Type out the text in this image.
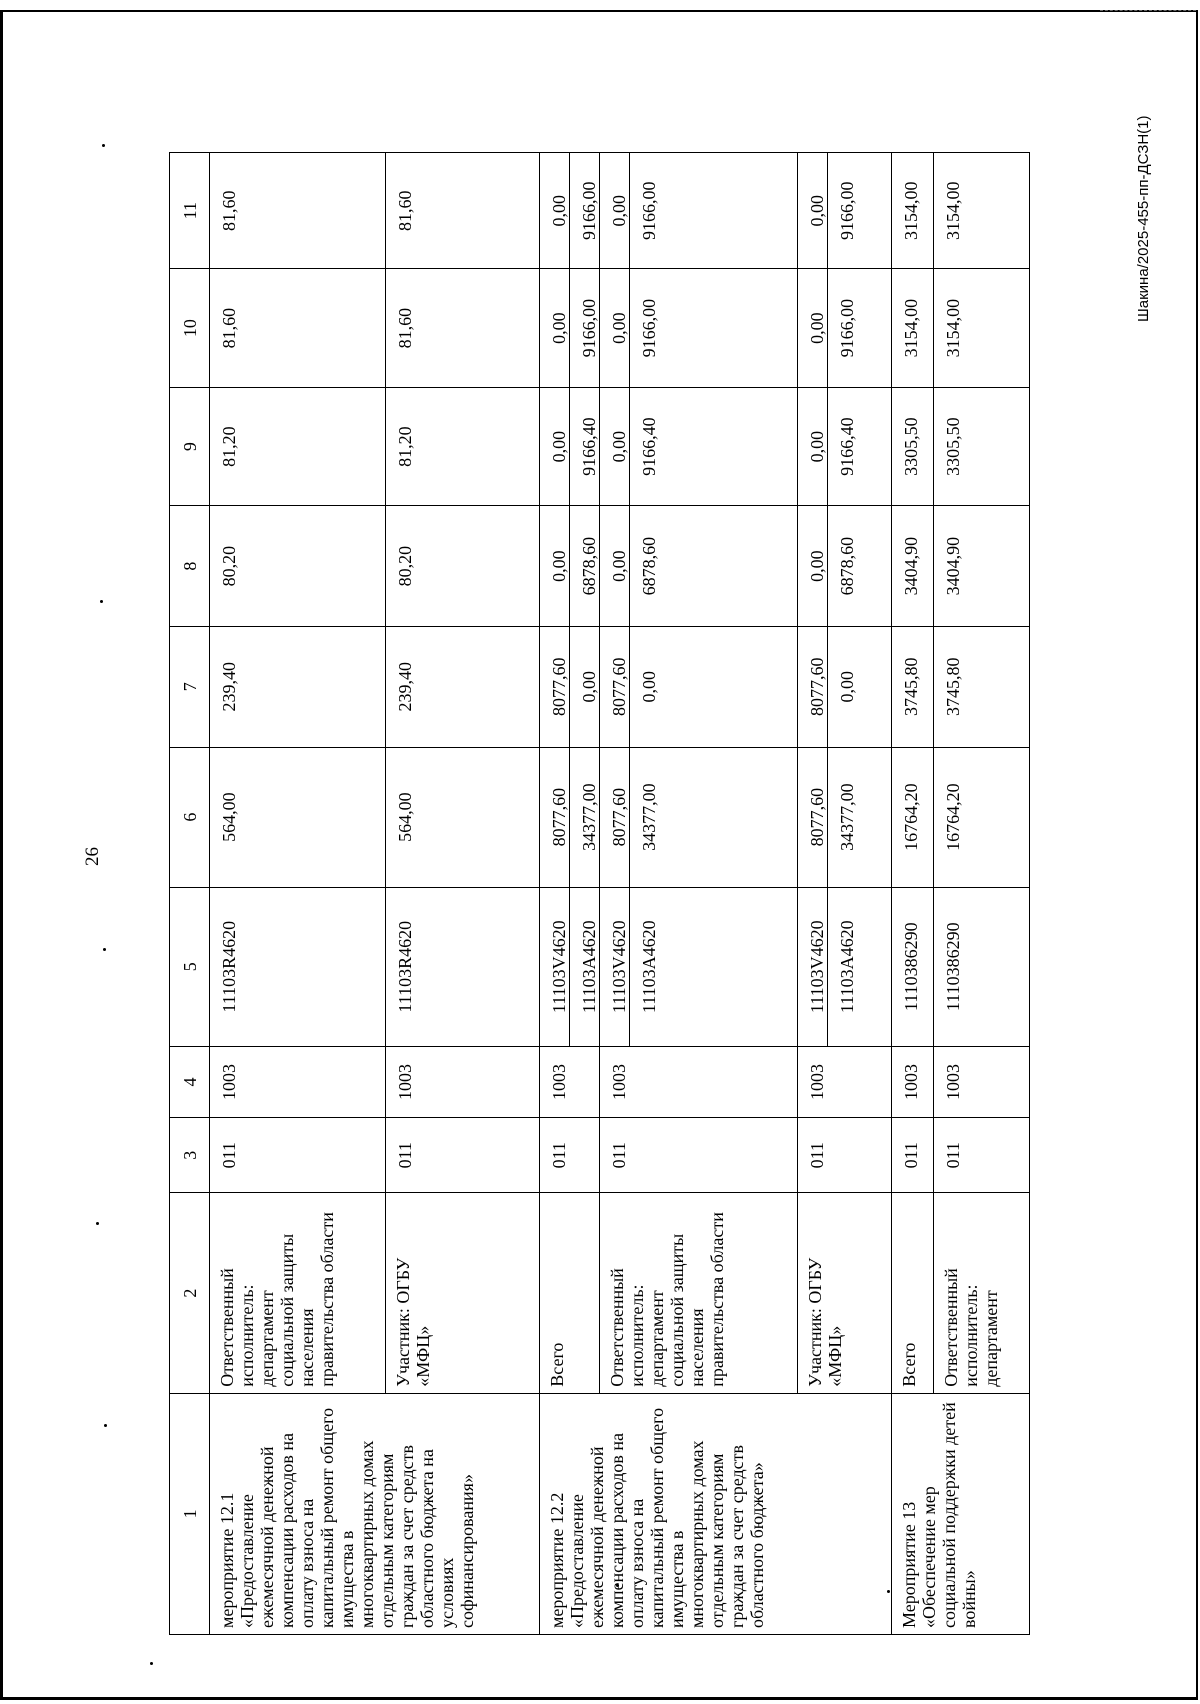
26
Шакина/2025-455-пп-ДСЗН(1)
1	2	3	4	5	6	7	8	9	10	11
мероприятие 12.1 «Предоставление ежемесячной денежной компенсации расходов на оплату взноса на капитальный ремонт общего имущества в многоквартирных домах отдельным категориям граждан за счет средств областного бюджета на условиях софинансирования»	Ответственный исполнитель: департамент социальной защиты населения правительства области	011	1003	11103R4620	564,00	239,40	80,20	81,20	81,60	81,60
	Участник: ОГБУ «МФЦ»	011	1003	11103R4620	564,00	239,40	80,20	81,20	81,60	81,60
мероприятие 12.2 «Предоставление ежемесячной денежной компенсации расходов на оплату взноса на капитальный ремонт общего имущества в многоквартирных домах отдельным категориям граждан за счет средств областного бюджета»	Всего	011	1003	11103V4620	8077,60	8077,60	0,00	0,00	0,00	0,00
				11103A4620	34377,00	0,00	6878,60	9166,40	9166,00	9166,00
	Ответственный исполнитель: департамент социальной защиты населения правительства области	011	1003	11103V4620	8077,60	8077,60	0,00	0,00	0,00	0,00
				11103A4620	34377,00	0,00	6878,60	9166,40	9166,00	9166,00
	Участник: ОГБУ «МФЦ»	011	1003	11103V4620	8077,60	8077,60	0,00	0,00	0,00	0,00
				11103A4620	34377,00	0,00	6878,60	9166,40	9166,00	9166,00
Мероприятие 13 «Обеспечение мер социальной поддержки детей войны»	Всего	011	1003	1110386290	16764,20	3745,80	3404,90	3305,50	3154,00	3154,00
	Ответственный исполнитель: департамент	011	1003	1110386290	16764,20	3745,80	3404,90	3305,50	3154,00	3154,00
